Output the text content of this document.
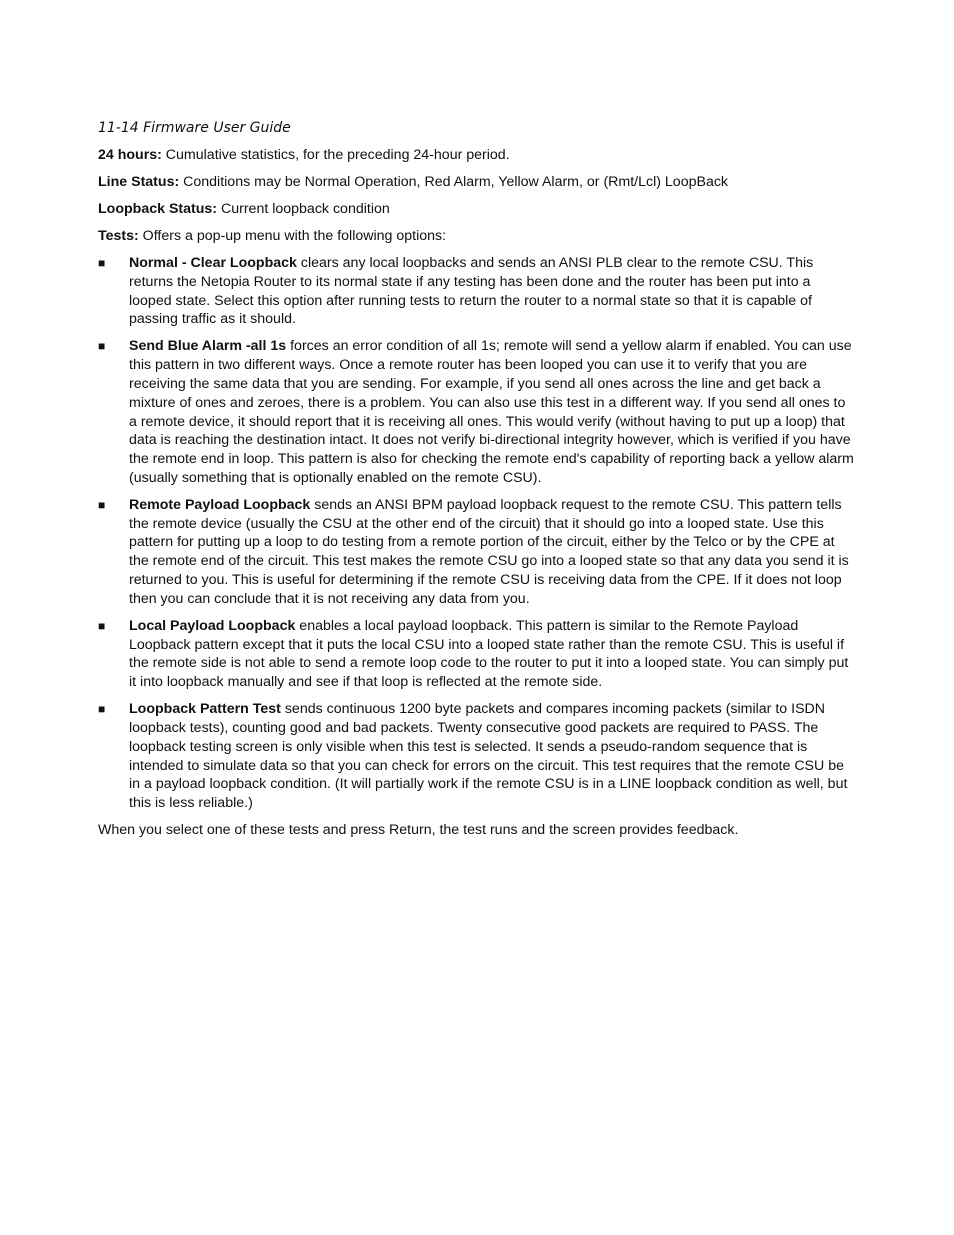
11-14 Firmware User Guide

24 hours: Cumulative statistics, for the preceding 24-hour period.

Line Status: Conditions may be Normal Operation, Red Alarm, Yellow Alarm, or (Rmt/Lcl) LoopBack

Loopback Status: Current loopback condition

Tests: Offers a pop-up menu with the following options:

■ Normal - Clear Loopback clears any local loopbacks and sends an ANSI PLB clear to the remote CSU. This returns the Netopia Router to its normal state if any testing has been done and the router has been put into a looped state. Select this option after running tests to return the router to a normal state so that it is capable of passing traffic as it should.
■ Send Blue Alarm -all 1s forces an error condition of all 1s; remote will send a yellow alarm if enabled. You can use this pattern in two different ways. Once a remote router has been looped you can use it to verify that you are receiving the same data that you are sending. For example, if you send all ones across the line and get back a mixture of ones and zeroes, there is a problem. You can also use this test in a different way. If you send all ones to a remote device, it should report that it is receiving all ones. This would verify (without having to put up a loop) that data is reaching the destination intact. It does not verify bi-directional integrity however, which is verified if you have the remote end in loop. This pattern is also for checking the remote end's capability of reporting back a yellow alarm (usually something that is optionally enabled on the remote CSU).
■ Remote Payload Loopback sends an ANSI BPM payload loopback request to the remote CSU. This pattern tells the remote device (usually the CSU at the other end of the circuit) that it should go into a looped state. Use this pattern for putting up a loop to do testing from a remote portion of the circuit, either by the Telco or by the CPE at the remote end of the circuit. This test makes the remote CSU go into a looped state so that any data you send it is returned to you. This is useful for determining if the remote CSU is receiving data from the CPE. If it does not loop then you can conclude that it is not receiving any data from you.
■ Local Payload Loopback enables a local payload loopback. This pattern is similar to the Remote Payload Loopback pattern except that it puts the local CSU into a looped state rather than the remote CSU. This is useful if the remote side is not able to send a remote loop code to the router to put it into a looped state. You can simply put it into loopback manually and see if that loop is reflected at the remote side.
■ Loopback Pattern Test sends continuous 1200 byte packets and compares incoming packets (similar to ISDN loopback tests), counting good and bad packets. Twenty consecutive good packets are required to PASS. The loopback testing screen is only visible when this test is selected. It sends a pseudo-random sequence that is intended to simulate data so that you can check for errors on the circuit. This test requires that the remote CSU be in a payload loopback condition. (It will partially work if the remote CSU is in a LINE loopback condition as well, but this is less reliable.)

When you select one of these tests and press Return, the test runs and the screen provides feedback.
